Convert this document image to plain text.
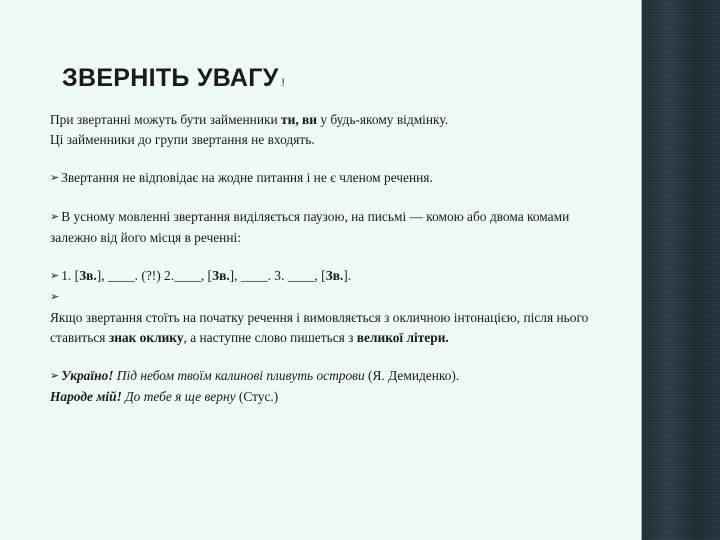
ЗВЕРНІТЬ УВАГУ !

При звертанні можуть бути займенники ти, ви у будь-якому відмінку.

Ці займенники до групи звертання не входять.

➢ Звертання не відповідає на жодне питання і не є членом речення.

➢ В усному мовленні звертання виділяється паузою, на письмі — комою або двома комами залежно від його місця в реченні:

➢ 1. [Зв.], ____. (?!) 2.____, [Зв.], ____. 3. ____, [Зв.].

➢

Якщо звертання стоїть на початку речення і вимовляється з окличною інтонацією, після нього ставиться знак оклику, а наступне слово пишеться з великої літери.

➢ Україно! Під небом твоїм калинові пливуть острови (Я. Демиденко).

Народе мій! До тебе я ще верну (Стус.)
